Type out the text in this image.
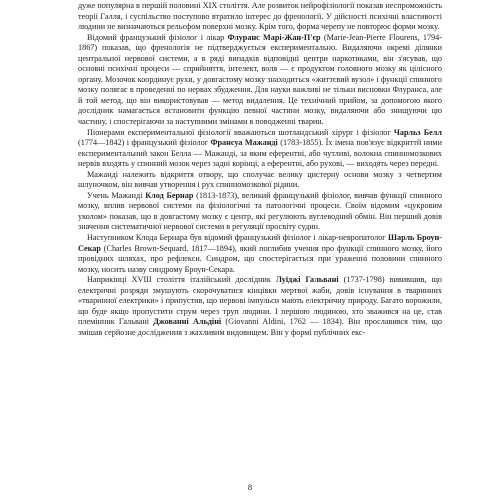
дуже популярна в першій половині XIX століття. Але розвиток нейрофізіології показав неспроможність теорії Галля, і суспільство поступово втратило інтерес до френології. У дійсності психічні властивості людини не визначаються рельєфом поверхні мозку. Крім того, форма черепу не повторює форми мозку.

Відомий французький фізіолог і лікар Флуранс Марі-Жан-П'єр (Marie-Jean-Pierre Flourens, 1794-1867) показав, що френологія не підтверджується експериментально. Видаляючи окремі ділянки центральної нервової системи, а в ряді випадків відповідні центри наркотиками, він з'ясував, що основні психічні процеси — сприйняття, інтелект, воля — є продуктом головного мозку як цілісного органу. Мозочок координує рухи, у довгастому мозку знаходиться «життєвий вузол» і функції спинного мозку полягає в проведенні по нервах збудження. Для науки важливі не тільки висновки Флуранса, але й той метод, що він використовував — метод видалення. Це технічний прийом, за допомогою якого дослідник намагається встановити функцію певної частини мозку, видаляючи або знищуючи цю частину, і спостерігаючи за наступними змінами в поводженні тварин.

Піонерами експериментальної фізіології вважаються шотландський хірург і фізіолог Чарльз Белл (1774—1842) і французький фізіолог Франсуа Мажанді (1783-1855). Їх імена пов'язує відкриттй ними експериментальний закон Белла — Мажанді, за яким еферентні, або чутливі, волокна спинномозкових нервів входять у спинний мозок через задні корінці, а еферентні, або рухові, — виходять через передні.

Мажанді належить відкриття отвору, що сполучає велику цистерну основи мозку з четвертим шлуночком, він вивчав утворення і рух спинномозкової рідини.

Учень Мажанді Клод Бернар (1813-1873), великий французький фізіолог, вивчав функції спинного мозку, вплив нервової системи на фізіологічні та патологічні процеси. Своїм відомим «цукровим уколом» показав, що в довгастому мозку є центр, які регулюють вуглеводний обмін. Він перший довів значення систематичної нервової системи в регуляції просвіту судин.

Наступником Клода Бернара був відомий французький фізіолог і лікар-невропатолог Шарль Броун-Секар (Charles Brown-Sequard, 1817—1894), який поглибив учення про функції спинного мозку, його провідних шляхах, про рефлекси. Синдром, що спостерігається при ураженні половини спинного мозку, носить назву синдрому Броун-Секара.

Наприкінці XVIII століття італійський дослідник Луїджі Гальвані (1737-1798) вивившив, що електричні розряди змушують скорочуватися кінцівки мертвої жаби, довів існування в тваринних «тваринної електрики» і припустив, що нервові імпульси мають електричну природу. Багато ворожили, що буде якщо пропустити струм через труп людини. І першою людиною, хто зважився на це, став племінник Гальвані Джованні Альдіні (Giovanni Aldini, 1762 — 1834). Він прославився тим, що змішав серйозне дослідження з жахливим видовищем. Він у формі публічних екс-

8
